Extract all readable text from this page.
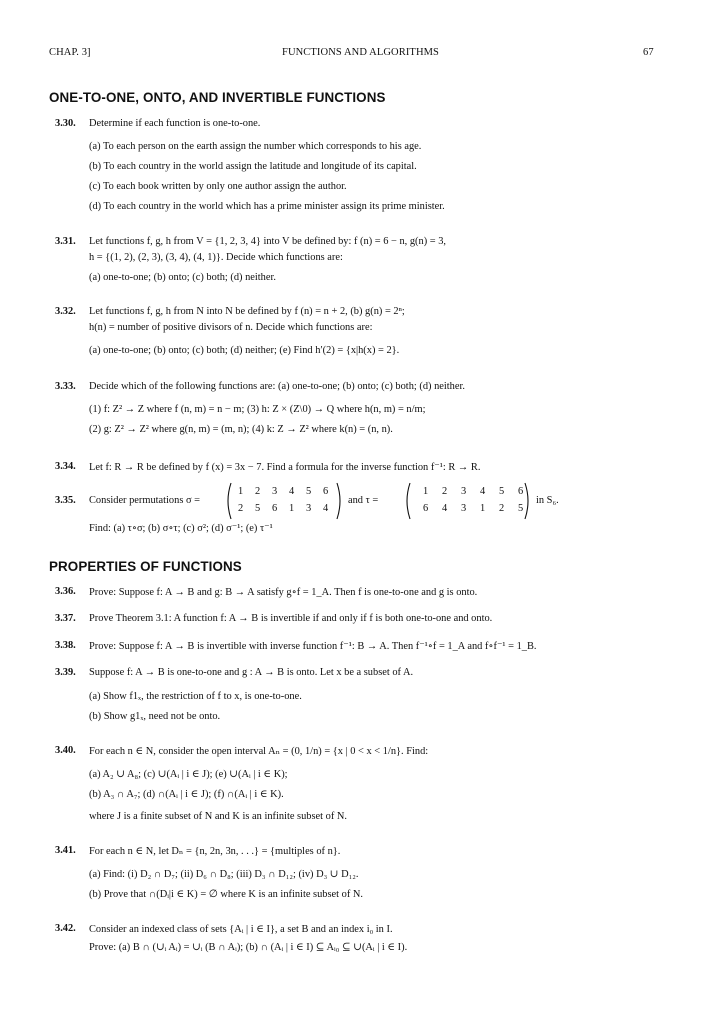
CHAP. 3]	FUNCTIONS AND ALGORITHMS	67
ONE-TO-ONE, ONTO, AND INVERTIBLE FUNCTIONS
3.30. Determine if each function is one-to-one.
(a) To each person on the earth assign the number which corresponds to his age.
(b) To each country in the world assign the latitude and longitude of its capital.
(c) To each book written by only one author assign the author.
(d) To each country in the world which has a prime minister assign its prime minister.
3.31. Let functions f, g, h from V = {1, 2, 3, 4} into V be defined by: f (n) = 6 − n, g(n) = 3,
h = {(1, 2), (2, 3), (3, 4), (4, 1)}. Decide which functions are:
(a) one-to-one; (b) onto; (c) both; (d) neither.
3.32. Let functions f, g, h from N into N be defined by f (n) = n + 2, (b) g(n) = 2ⁿ;
h(n) = number of positive divisors of n. Decide which functions are:
(a) one-to-one; (b) onto; (c) both; (d) neither; (e) Find h′(2) = {x|h(x) = 2}.
3.33. Decide which of the following functions are: (a) one-to-one; (b) onto; (c) both; (d) neither.
(1) f: Z² → Z where f (n, m) = n − m; (3) h: Z × (Z\0) → Q where h(n, m) = n/m;
(2) g: Z² → Z² where g(n, m) = (m, n); (4) k: Z → Z² where k(n) = (n, n).
3.34. Let f: R → R be defined by f (x) = 3x − 7. Find a formula for the inverse function f⁻¹: R → R.
3.35. Consider permutations σ =
1 2 3 4 5 6
2 5 6 1 3 4
and τ =
1 2 3 4 5 6
6 4 3 1 2 5
in S₆.
Find: (a) τ∘σ; (b) σ∘τ; (c) σ²; (d) σ⁻¹; (e) τ⁻¹
PROPERTIES OF FUNCTIONS
3.36. Prove: Suppose f: A → B and g: B → A satisfy g∘f = 1_A. Then f is one-to-one and g is onto.
3.37. Prove Theorem 3.1: A function f: A → B is invertible if and only if f is both one-to-one and onto.
3.38. Prove: Suppose f: A → B is invertible with inverse function f⁻¹: B → A. Then f⁻¹∘f = 1_A and f∘f⁻¹ = 1_B.
3.39. Suppose f: A → B is one-to-one and g : A → B is onto. Let x be a subset of A.
(a) Show f1ₓ, the restriction of f to x, is one-to-one.
(b) Show g1ₓ, need not be onto.
3.40. For each n ∈ N, consider the open interval Aₙ = (0, 1/n) = {x | 0 < x < 1/n}. Find:
(a) A₂ ∪ A₈; (c) ∪(Aᵢ | i ∈ J); (e) ∪(Aᵢ | i ∈ K);
(b) A₃ ∩ A₇; (d) ∩(Aᵢ | i ∈ J); (f) ∩(Aᵢ | i ∈ K).
where J is a finite subset of N and K is an infinite subset of N.
3.41. For each n ∈ N, let Dₙ = {n, 2n, 3n, . . .} = {multiples of n}.
(a) Find: (i) D₂ ∩ D₇; (ii) D₆ ∩ D₈; (iii) D₃ ∩ D₁₂; (iv) D₃ ∪ D₁₂.
(b) Prove that ∩(Dᵢ|i ∈ K) = ∅ where K is an infinite subset of N.
3.42. Consider an indexed class of sets {Aᵢ | i ∈ I}, a set B and an index i₀ in I.
Prove: (a) B ∩ (∪ᵢ Aᵢ) = ∪ᵢ (B ∩ Aᵢ); (b) ∩ (Aᵢ | i ∈ I) ⊆ Aᵢ₀ ⊆ ∪(Aᵢ | i ∈ I).
